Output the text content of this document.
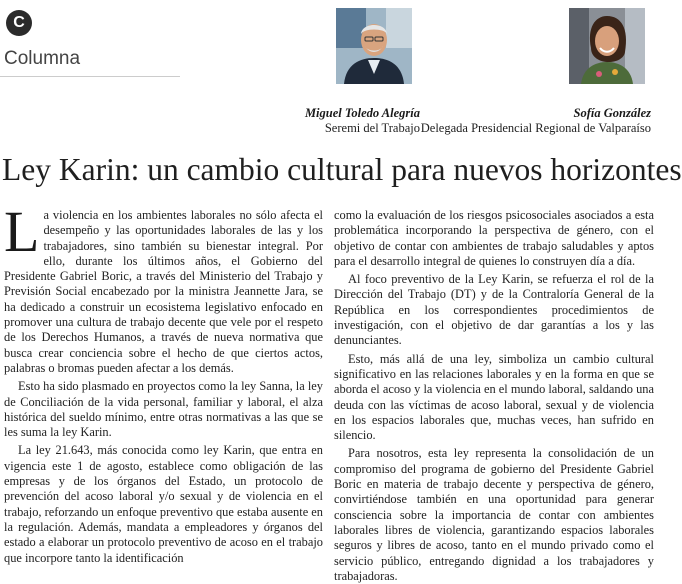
C
Columna
Miguel Toledo Alegría
Seremi del Trabajo
Sofía González
Delegada Presidencial Regional de Valparaíso
Ley Karin: un cambio cultural para nuevos horizontes

La violencia en los ambientes laborales no sólo afecta el desempeño y las oportunidades laborales de las y los trabajadores, sino también su bienestar integral. Por ello, durante los últimos años, el Gobierno del Presidente Gabriel Boric, a través del Ministerio del Trabajo y Previsión Social encabezado por la ministra Jeannette Jara, se ha dedicado a construir un ecosistema legislativo enfocado en promover una cultura de trabajo decente que vele por el respeto de los Derechos Humanos, a través de nueva normativa que busca crear conciencia sobre el hecho de que ciertos actos, palabras o bromas pueden afectar a los demás.

Esto ha sido plasmado en proyectos como la ley Sanna, la ley de Conciliación de la vida personal, familiar y laboral, el alza histórica del sueldo mínimo, entre otras normativas a las que se les suma la ley Karin.

La ley 21.643, más conocida como ley Karin, que entra en vigencia este 1 de agosto, establece como obligación de las empresas y de los órganos del Estado, un protocolo de prevención del acoso laboral y/o sexual y de violencia en el trabajo, reforzando un enfoque preventivo que estaba ausente en la regulación. Además, mandata a empleadores y órganos del estado a elaborar un protocolo preventivo de acoso en el trabajo que incorpore tanto la identificación

como la evaluación de los riesgos psicosociales asociados a esta problemática incorporando la perspectiva de género, con el objetivo de contar con ambientes de trabajo saludables y aptos para el desarrollo integral de quienes lo construyen día a día.

Al foco preventivo de la Ley Karin, se refuerza el rol de la Dirección del Trabajo (DT) y de la Contraloría General de la República en los correspondientes procedimientos de investigación, con el objetivo de dar garantías a los y las denunciantes.

Esto, más allá de una ley, simboliza un cambio cultural significativo en las relaciones laborales y en la forma en que se aborda el acoso y la violencia en el mundo laboral, saldando una deuda con las víctimas de acoso laboral, sexual y de violencia en los espacios laborales que, muchas veces, han sufrido en silencio.

Para nosotros, esta ley representa la consolidación de un compromiso del programa de gobierno del Presidente Gabriel Boric en materia de trabajo decente y perspectiva de género, convirtiéndose también en una oportunidad para generar consciencia sobre la importancia de contar con ambientes laborales libres de violencia, garantizando espacios laborales seguros y libres de acoso, tanto en el mundo privado como el servicio público, entregando dignidad a los trabajadores y trabajadoras.
